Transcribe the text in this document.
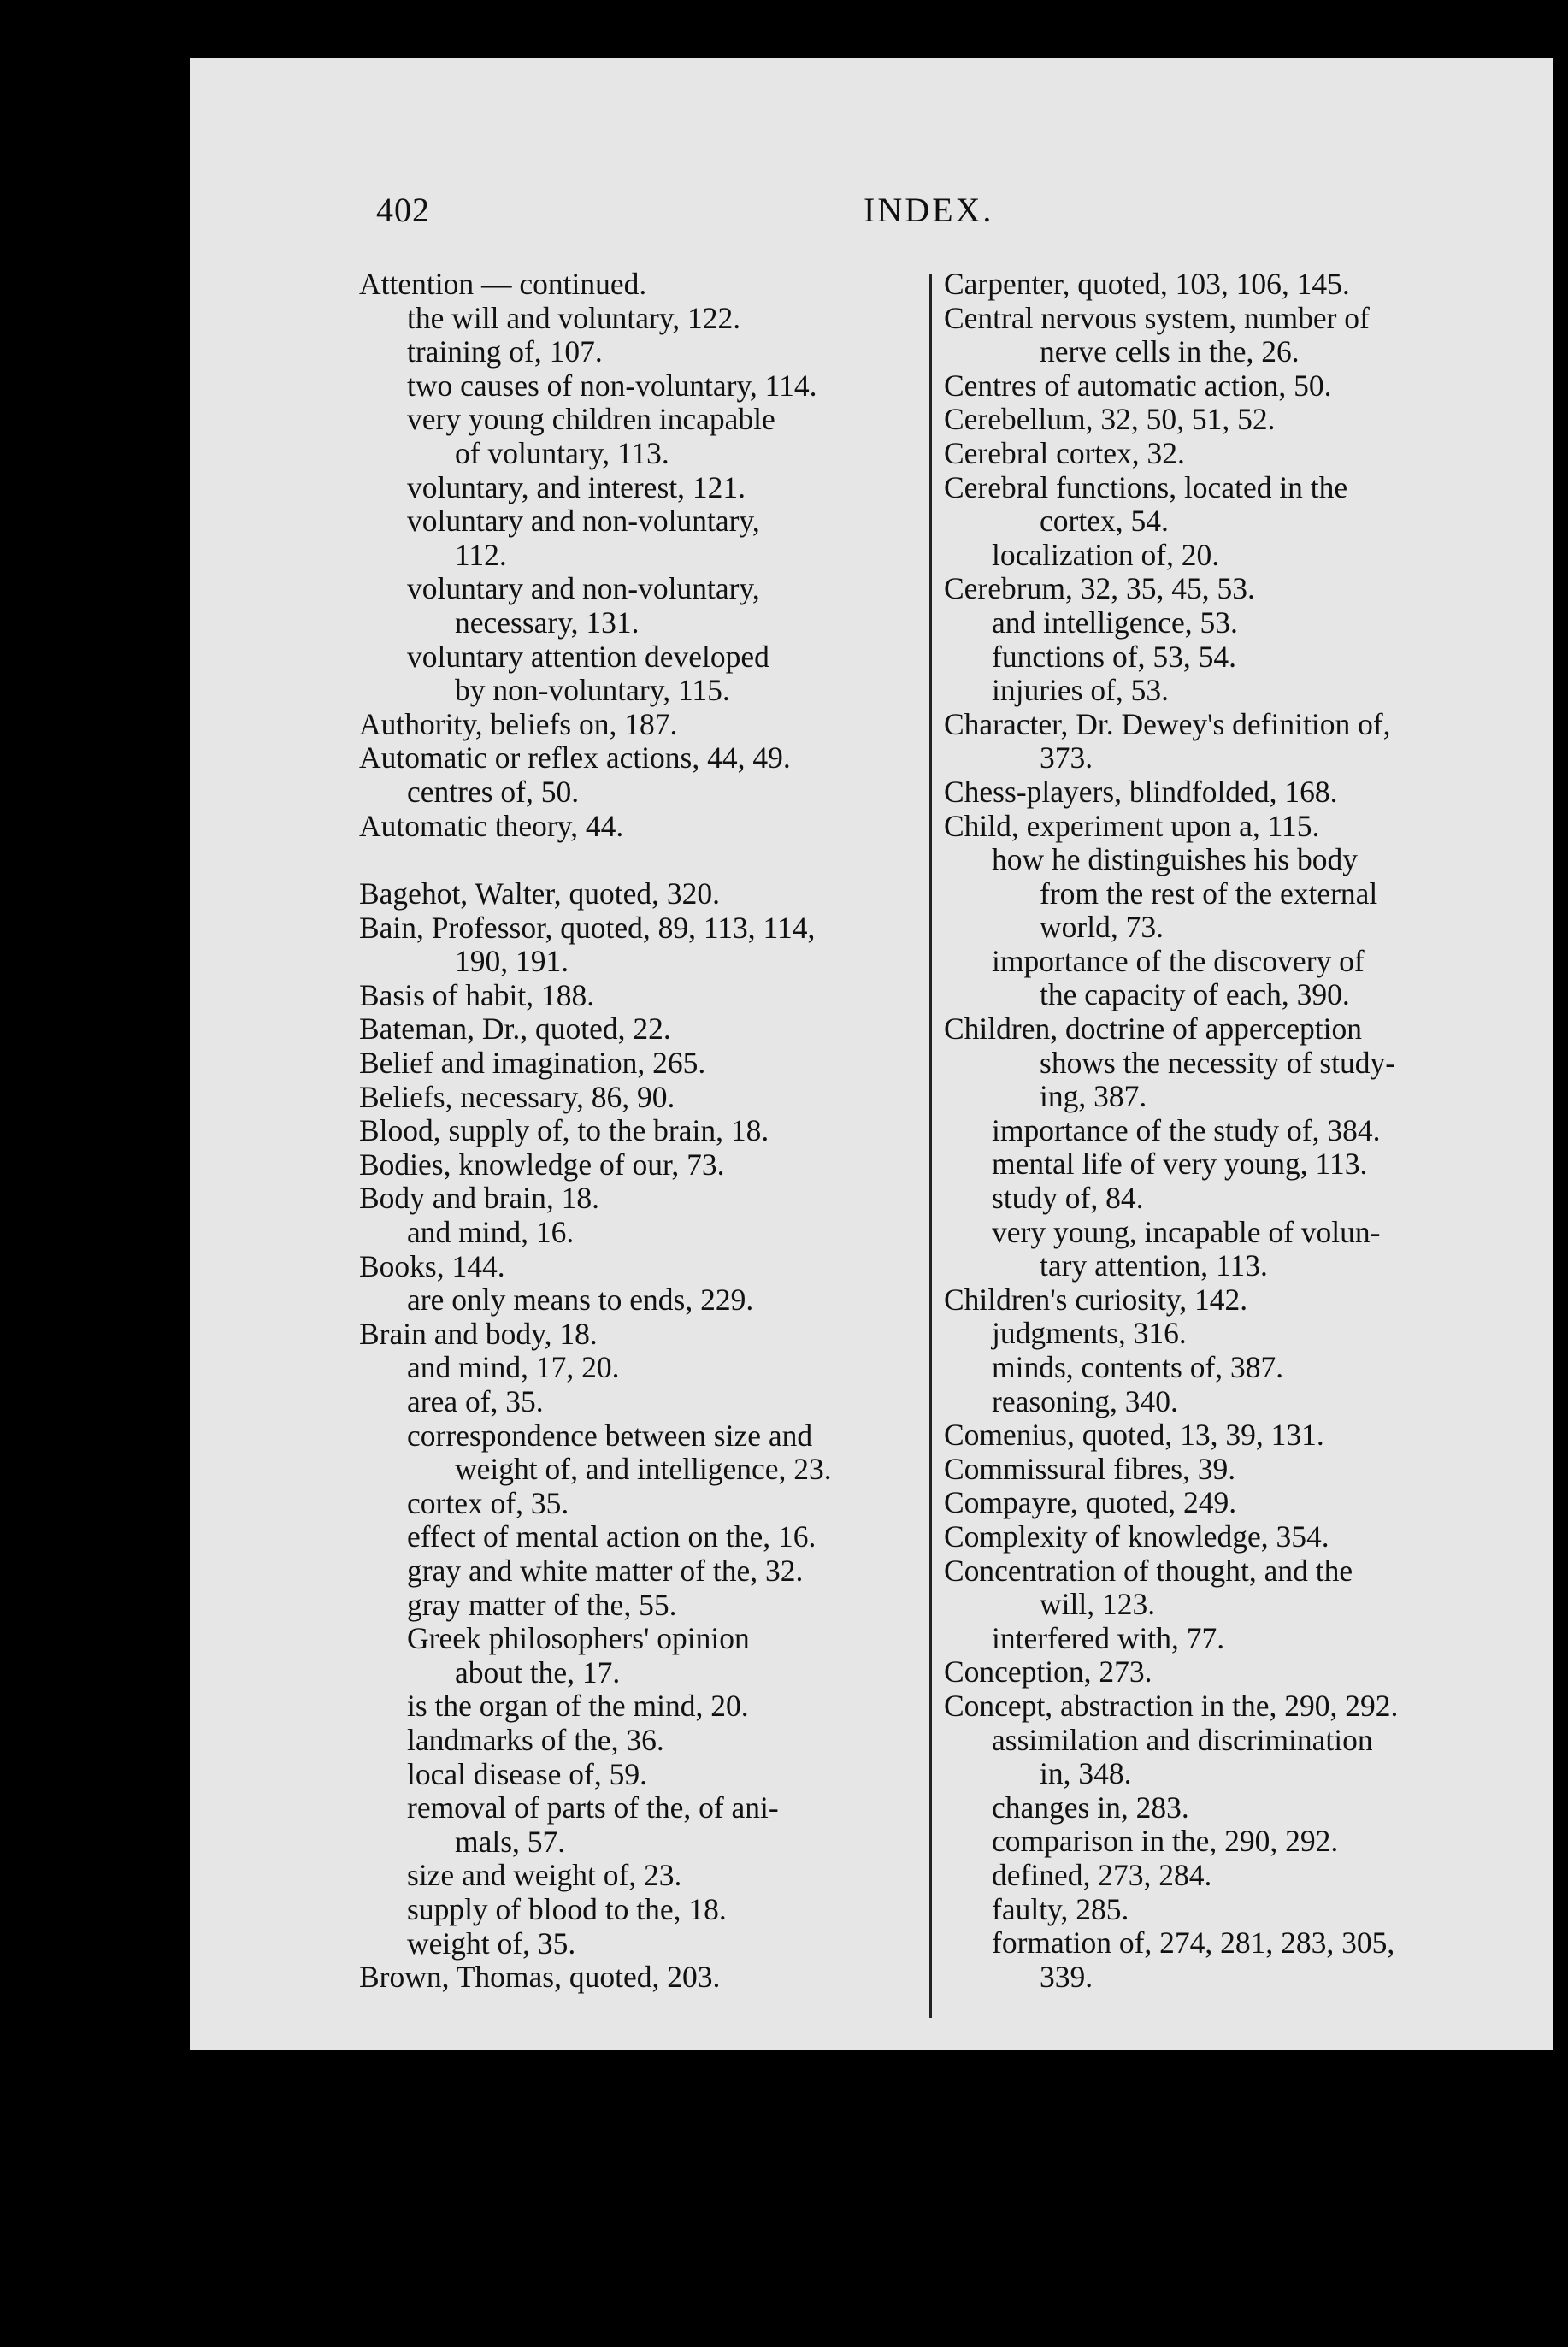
402	INDEX.
Attention — continued.
the will and voluntary, 122.
training of, 107.
two causes of non-voluntary, 114.
very young children incapable
of voluntary, 113.
voluntary, and interest, 121.
voluntary and non-voluntary,
112.
voluntary and non-voluntary,
necessary, 131.
voluntary attention developed
by non-voluntary, 115.
Authority, beliefs on, 187.
Automatic or reflex actions, 44, 49.
centres of, 50.
Automatic theory, 44.
Bagehot, Walter, quoted, 320.
Bain, Professor, quoted, 89, 113, 114,
190, 191.
Basis of habit, 188.
Bateman, Dr., quoted, 22.
Belief and imagination, 265.
Beliefs, necessary, 86, 90.
Blood, supply of, to the brain, 18.
Bodies, knowledge of our, 73.
Body and brain, 18.
and mind, 16.
Books, 144.
are only means to ends, 229.
Brain and body, 18.
and mind, 17, 20.
area of, 35.
correspondence between size and
weight of, and intelligence, 23.
cortex of, 35.
effect of mental action on the, 16.
gray and white matter of the, 32.
gray matter of the, 55.
Greek philosophers' opinion
about the, 17.
is the organ of the mind, 20.
landmarks of the, 36.
local disease of, 59.
removal of parts of the, of ani-
mals, 57.
size and weight of, 23.
supply of blood to the, 18.
weight of, 35.
Brown, Thomas, quoted, 203.
Carpenter, quoted, 103, 106, 145.
Central nervous system, number of
nerve cells in the, 26.
Centres of automatic action, 50.
Cerebellum, 32, 50, 51, 52.
Cerebral cortex, 32.
Cerebral functions, located in the
cortex, 54.
localization of, 20.
Cerebrum, 32, 35, 45, 53.
and intelligence, 53.
functions of, 53, 54.
injuries of, 53.
Character, Dr. Dewey's definition of,
373.
Chess-players, blindfolded, 168.
Child, experiment upon a, 115.
how he distinguishes his body
from the rest of the external
world, 73.
importance of the discovery of
the capacity of each, 390.
Children, doctrine of apperception
shows the necessity of study-
ing, 387.
importance of the study of, 384.
mental life of very young, 113.
study of, 84.
very young, incapable of volun-
tary attention, 113.
Children's curiosity, 142.
judgments, 316.
minds, contents of, 387.
reasoning, 340.
Comenius, quoted, 13, 39, 131.
Commissural fibres, 39.
Compayre, quoted, 249.
Complexity of knowledge, 354.
Concentration of thought, and the
will, 123.
interfered with, 77.
Conception, 273.
Concept, abstraction in the, 290, 292.
assimilation and discrimination
in, 348.
changes in, 283.
comparison in the, 290, 292.
defined, 273, 284.
faulty, 285.
formation of, 274, 281, 283, 305,
339.
